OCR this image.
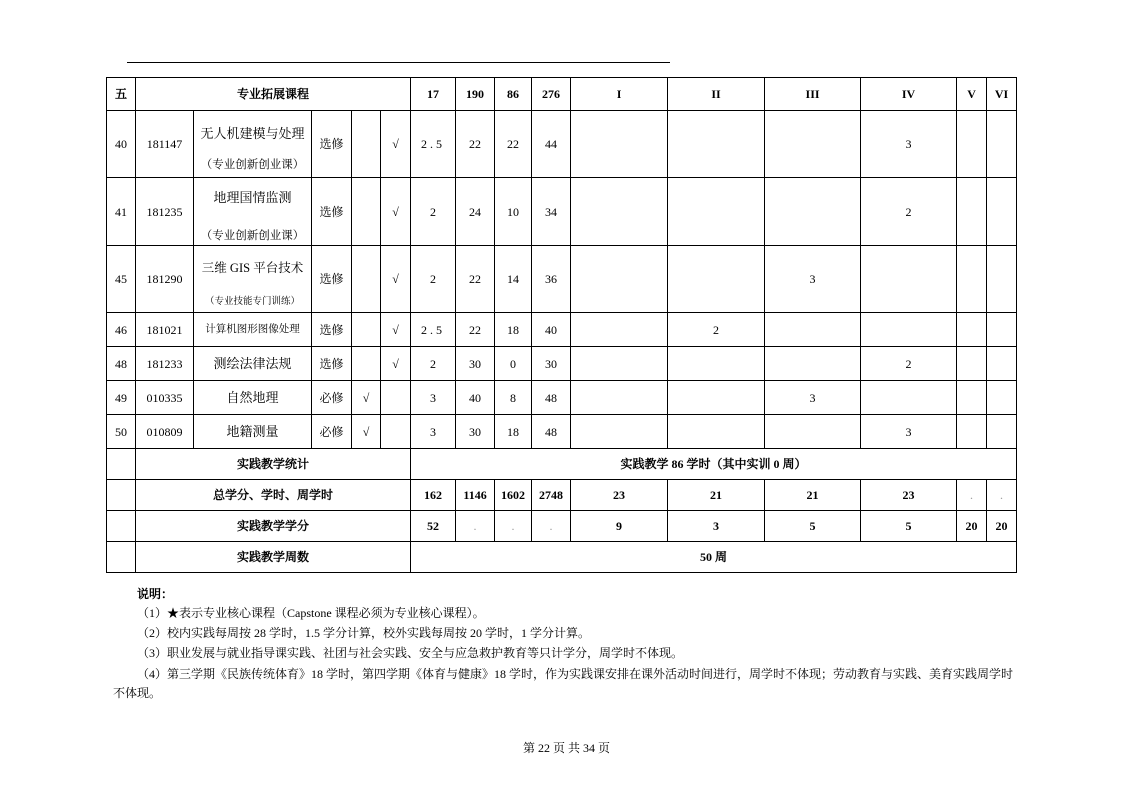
五	专业拓展课程					17	190	86	276	I	II	III	IV	V	VI
40	181147	无人机建模与处理
（专业创新创业课）	选修		√	2.5	22	22	44				3		
41	181235	地理国情监测
（专业创新创业课）	选修		√	2	24	10	34				2		
45	181290	三维 GIS 平台技术
（专业技能专门训练）	选修		√	2	22	14	36			3			
46	181021	计算机图形图像处理	选修		√	2.5	22	18	40		2				
48	181233	测绘法律法规	选修		√	2	30	0	30				2		
49	010335	自然地理	必修	√		3	40	8	48			3			
50	010809	地籍测量	必修	√		3	30	18	48				3		
	实践教学统计					实践教学 86 学时（其中实训 0 周）									
	总学分、学时、周学时					162	1146	1602	2748	23	21	21	23	.	.
	实践教学学分					52	.	.	.	9	3	5	5	20	20
	实践教学周数					50 周									
说明：
（1）★表示专业核心课程（Capstone 课程必须为专业核心课程）。
（2）校内实践每周按 28 学时，1.5 学分计算，校外实践每周按 20 学时，1 学分计算。
（3）职业发展与就业指导课实践、社团与社会实践、安全与应急救护教育等只计学分，周学时不体现。
（4）第三学期《民族传统体育》18 学时，第四学期《体育与健康》18 学时，作为实践课安排在课外活动时间进行，周学时不体现；劳动教育与实践、美育实践周学时
不体现。
第 22 页 共 34 页
